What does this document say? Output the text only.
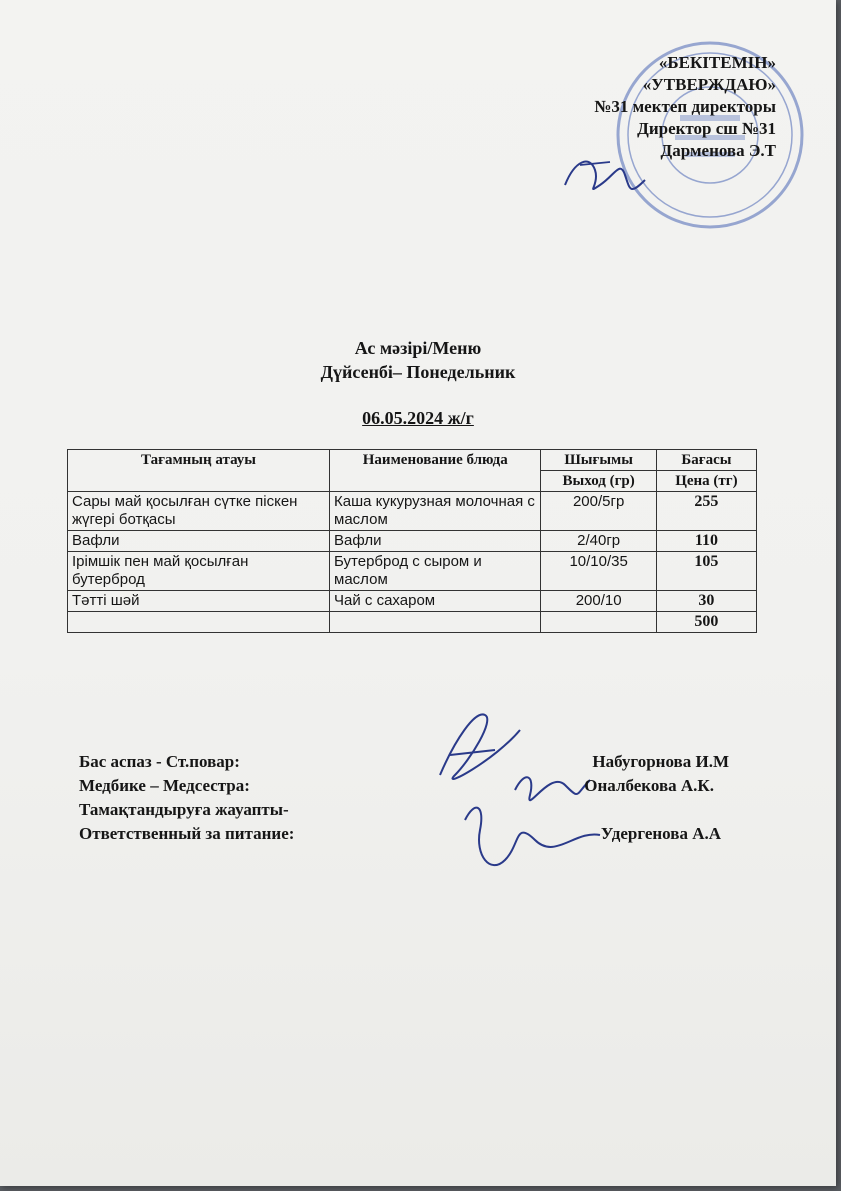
«БЕКІТЕМІН»
«УТВЕРЖДАЮ»
№31 мектеп директоры
Директор сш №31
Дарменова Э.Т
Ас мәзірі/Меню
Дүйсенбі– Понедельник
06.05.2024 ж/г
Тағамның атауы	Наименование блюда	Шығымы	Бағасы
		Выход (гр)	Цена (тг)
Сары май қосылған сүтке піскен жүгері ботқасы	Каша кукурузная молочная с маслом	200/5гр	255
Вафли	Вафли	2/40гр	110
Ірімшік пен май қосылған бутерброд	Бутерброд с сыром и маслом	10/10/35	105
Тәтті шәй	Чай с сахаром	200/10	30
			500
Бас аспаз - Ст.повар:	Набугорнова И.М
Медбике – Медсестра:	Оналбекова А.К.
Тамақтандыруға жауапты-
Ответственный за питание:	Удергенова А.А
